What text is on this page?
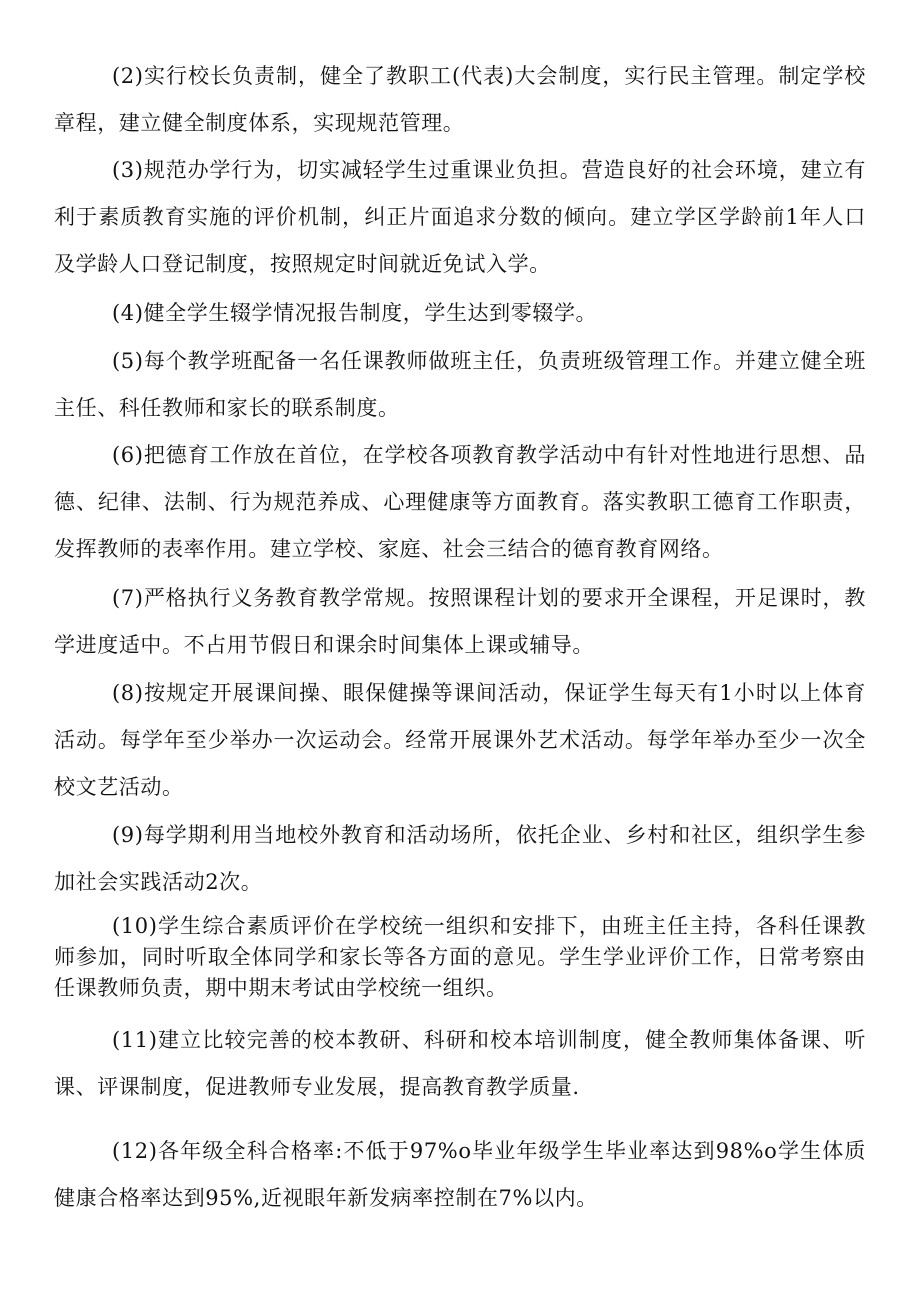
(2)实行校长负责制，健全了教职工(代表)大会制度，实行民主管理。制定学校章程，建立健全制度体系，实现规范管理。

(3)规范办学行为，切实减轻学生过重课业负担。营造良好的社会环境，建立有利于素质教育实施的评价机制，纠正片面追求分数的倾向。建立学区学龄前1年人口及学龄人口登记制度，按照规定时间就近免试入学。

(4)健全学生辍学情况报告制度，学生达到零辍学。

(5)每个教学班配备一名任课教师做班主任，负责班级管理工作。并建立健全班主任、科任教师和家长的联系制度。

(6)把德育工作放在首位，在学校各项教育教学活动中有针对性地进行思想、品德、纪律、法制、行为规范养成、心理健康等方面教育。落实教职工德育工作职责，发挥教师的表率作用。建立学校、家庭、社会三结合的德育教育网络。

(7)严格执行义务教育教学常规。按照课程计划的要求开全课程，开足课时，教学进度适中。不占用节假日和课余时间集体上课或辅导。

(8)按规定开展课间操、眼保健操等课间活动，保证学生每天有1小时以上体育活动。每学年至少举办一次运动会。经常开展课外艺术活动。每学年举办至少一次全校文艺活动。

(9)每学期利用当地校外教育和活动场所，依托企业、乡村和社区，组织学生参加社会实践活动2次。

(10)学生综合素质评价在学校统一组织和安排下，由班主任主持，各科任课教师参加，同时听取全体同学和家长等各方面的意见。学生学业评价工作，日常考察由任课教师负责，期中期末考试由学校统一组织。

(11)建立比较完善的校本教研、科研和校本培训制度，健全教师集体备课、听课、评课制度，促进教师专业发展，提高教育教学质量.

(12)各年级全科合格率:不低于97%o毕业年级学生毕业率达到98%o学生体质健康合格率达到95%,近视眼年新发病率控制在7%以内。
